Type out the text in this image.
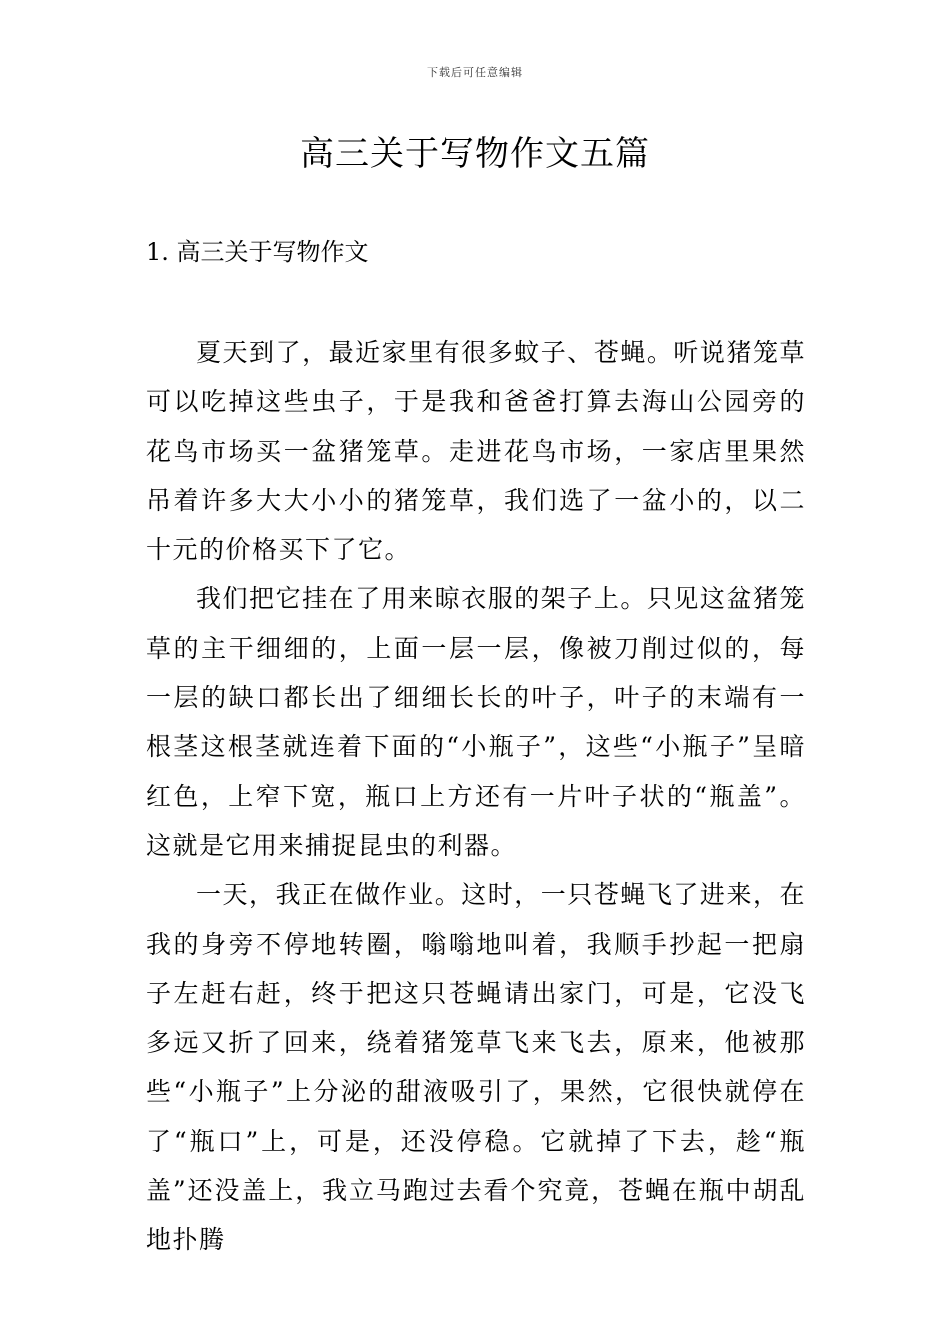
下载后可任意编辑
高三关于写物作文五篇
1. 高三关于写物作文

夏天到了，最近家里有很多蚊子、苍蝇。听说猪笼草可以吃掉这些虫子，于是我和爸爸打算去海山公园旁的花鸟市场买一盆猪笼草。走进花鸟市场，一家店里果然吊着许多大大小小的猪笼草，我们选了一盆小的，以二十元的价格买下了它。

我们把它挂在了用来晾衣服的架子上。只见这盆猪笼草的主干细细的，上面一层一层，像被刀削过似的，每一层的缺口都长出了细细长长的叶子，叶子的末端有一根茎这根茎就连着下面的“小瓶子”，这些“小瓶子”呈暗红色，上窄下宽，瓶口上方还有一片叶子状的“瓶盖”。这就是它用来捕捉昆虫的利器。

一天，我正在做作业。这时，一只苍蝇飞了进来，在我的身旁不停地转圈，嗡嗡地叫着，我顺手抄起一把扇子左赶右赶，终于把这只苍蝇请出家门，可是，它没飞多远又折了回来，绕着猪笼草飞来飞去，原来，他被那些“小瓶子”上分泌的甜液吸引了，果然，它很快就停在了“瓶口”上，可是，还没停稳。它就掉了下去，趁“瓶盖”还没盖上，我立马跑过去看个究竟，苍蝇在瓶中胡乱地扑腾
